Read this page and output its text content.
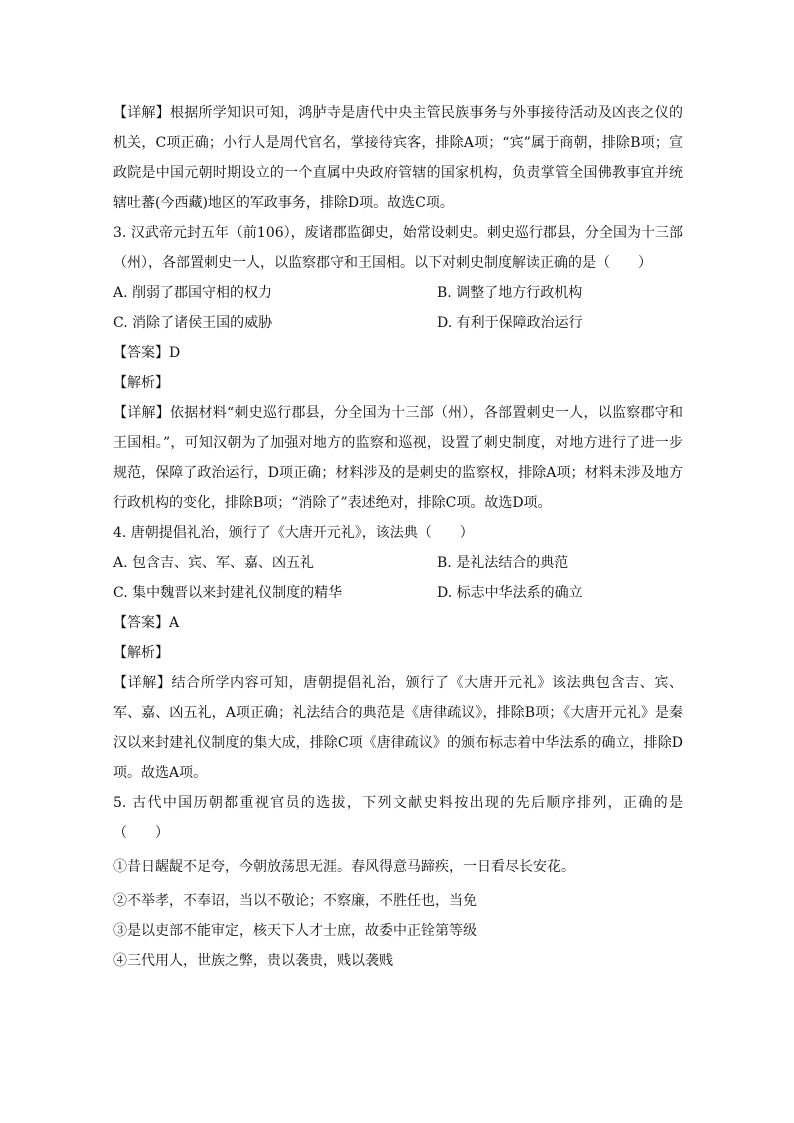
【详解】根据所学知识可知，鸿胪寺是唐代中央主管民族事务与外事接待活动及凶丧之仪的机关，C项正确；小行人是周代官名，掌接待宾客，排除A项；“宾”属于商朝，排除B项；宣政院是中国元朝时期设立的一个直属中央政府管辖的国家机构，负责掌管全国佛教事宜并统辖吐蕃(今西藏)地区的军政事务，排除D项。故选C项。

3. 汉武帝元封五年（前106），废诸郡监御史，始常设刺史。刺史巡行郡县，分全国为十三部（州），各部置刺史一人，以监察郡守和王国相。以下对刺史制度解读正确的是（　　）

A. 削弱了郡国守相的权力	B. 调整了地方行政机构
C. 消除了诸侯王国的威胁	D. 有利于保障政治运行

【答案】D

【解析】

【详解】依据材料“刺史巡行郡县，分全国为十三部（州），各部置刺史一人，以监察郡守和王国相。”，可知汉朝为了加强对地方的监察和巡视，设置了刺史制度，对地方进行了进一步规范，保障了政治运行，D项正确；材料涉及的是刺史的监察权，排除A项；材料未涉及地方行政机构的变化，排除B项；“消除了”表述绝对，排除C项。故选D项。

4. 唐朝提倡礼治，颁行了《大唐开元礼》，该法典（　　）

A. 包含吉、宾、军、嘉、凶五礼	B. 是礼法结合的典范
C. 集中魏晋以来封建礼仪制度的精华	D. 标志中华法系的确立

【答案】A

【解析】

【详解】结合所学内容可知，唐朝提倡礼治，颁行了《大唐开元礼》该法典包含吉、宾、军、嘉、凶五礼，A项正确；礼法结合的典范是《唐律疏议》，排除B项；《大唐开元礼》是秦汉以来封建礼仪制度的集大成，排除C项《唐律疏议》的颁布标志着中华法系的确立，排除D项。故选A项。

5. 古代中国历朝都重视官员的选拔，下列文献史料按出现的先后顺序排列，正确的是（　　）

①昔日龌龊不足夸，今朝放荡思无涯。春风得意马蹄疾，一日看尽长安花。

②不举孝，不奉诏，当以不敬论；不察廉，不胜任也，当免

③是以吏部不能审定，核天下人才士庶，故委中正铨第等级

④三代用人，世族之弊，贵以袭贵，贱以袭贱
